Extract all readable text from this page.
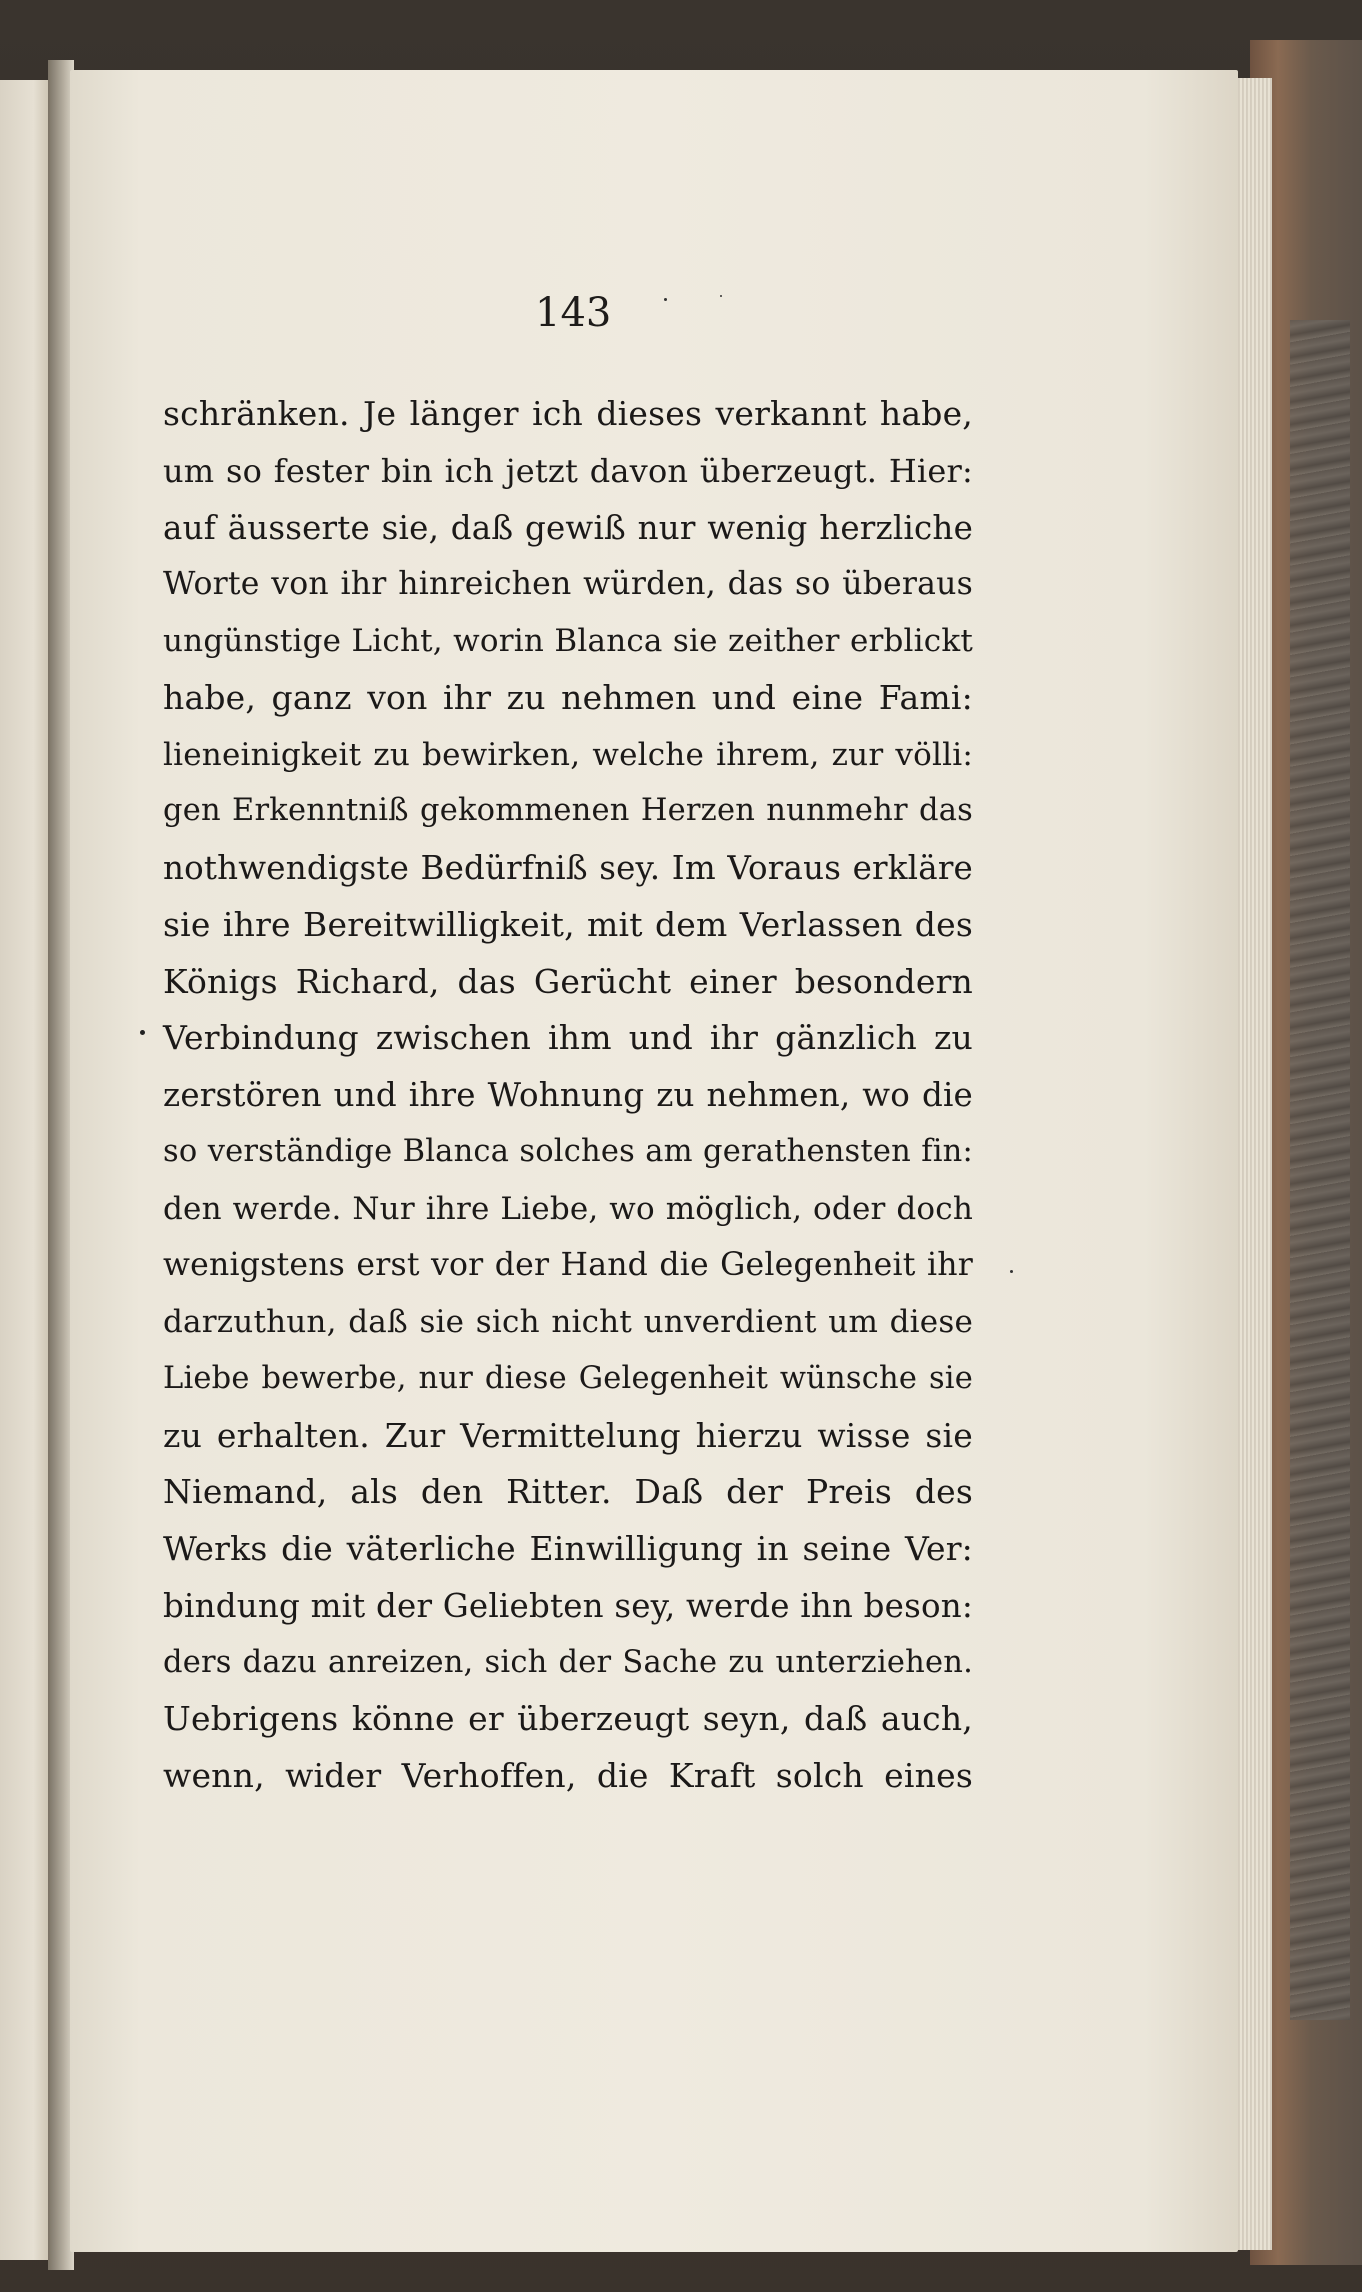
143
schränken. Je länger ich dieses verkannt habe,
um so fester bin ich jetzt davon überzeugt. Hier:
auf äusserte sie, daß gewiß nur wenig herzliche
Worte von ihr hinreichen würden, das so überaus
ungünstige Licht, worin Blanca sie zeither erblickt
habe, ganz von ihr zu nehmen und eine Fami:
lieneinigkeit zu bewirken, welche ihrem, zur völli:
gen Erkenntniß gekommenen Herzen nunmehr das
nothwendigste Bedürfniß sey. Im Voraus erkläre
sie ihre Bereitwilligkeit, mit dem Verlassen des
Königs Richard, das Gerücht einer besondern
Verbindung zwischen ihm und ihr gänzlich zu
zerstören und ihre Wohnung zu nehmen, wo die
so verständige Blanca solches am gerathensten fin:
den werde. Nur ihre Liebe, wo möglich, oder doch
wenigstens erst vor der Hand die Gelegenheit ihr
darzuthun, daß sie sich nicht unverdient um diese
Liebe bewerbe, nur diese Gelegenheit wünsche sie
zu erhalten. Zur Vermittelung hierzu wisse sie
Niemand, als den Ritter. Daß der Preis des
Werks die väterliche Einwilligung in seine Ver:
bindung mit der Geliebten sey, werde ihn beson:
ders dazu anreizen, sich der Sache zu unterziehen.
Uebrigens könne er überzeugt seyn, daß auch,
wenn, wider Verhoffen, die Kraft solch eines
